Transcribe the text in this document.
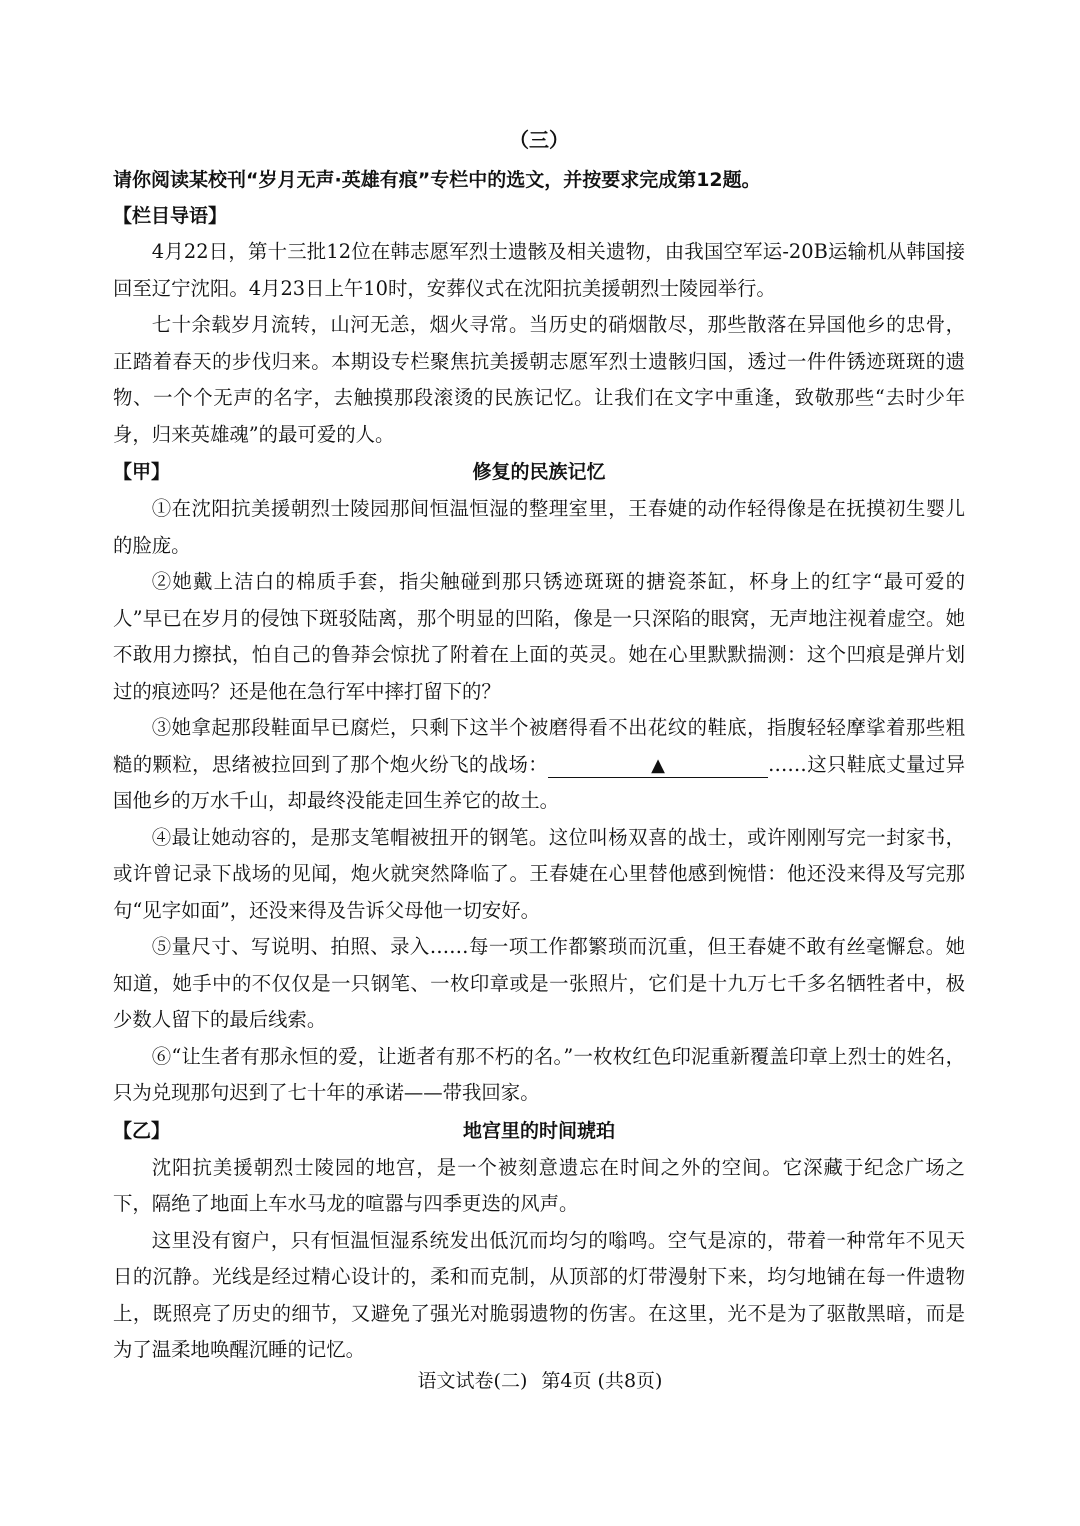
（三）
请你阅读某校刊“岁月无声·英雄有痕”专栏中的选文，并按要求完成第12题。
【栏目导语】

4月22日，第十三批12位在韩志愿军烈士遗骸及相关遗物，由我国空军运-20B运输机从韩国接回至辽宁沈阳。4月23日上午10时，安葬仪式在沈阳抗美援朝烈士陵园举行。

七十余载岁月流转，山河无恙，烟火寻常。当历史的硝烟散尽，那些散落在异国他乡的忠骨，正踏着春天的步伐归来。本期设专栏聚焦抗美援朝志愿军烈士遗骸归国，透过一件件锈迹斑斑的遗物、一个个无声的名字，去触摸那段滚烫的民族记忆。让我们在文字中重逢，致敬那些“去时少年身，归来英雄魂”的最可爱的人。

【甲】	修复的民族记忆

①在沈阳抗美援朝烈士陵园那间恒温恒湿的整理室里，王春婕的动作轻得像是在抚摸初生婴儿的脸庞。

②她戴上洁白的棉质手套，指尖触碰到那只锈迹斑斑的搪瓷茶缸，杯身上的红字“最可爱的人”早已在岁月的侵蚀下斑驳陆离，那个明显的凹陷，像是一只深陷的眼窝，无声地注视着虚空。她不敢用力擦拭，怕自己的鲁莽会惊扰了附着在上面的英灵。她在心里默默揣测：这个凹痕是弹片划过的痕迹吗？还是他在急行军中摔打留下的？

③她拿起那段鞋面早已腐烂，只剩下这半个被磨得看不出花纹的鞋底，指腹轻轻摩挲着那些粗糙的颗粒，思绪被拉回到了那个炮火纷飞的战场：	▲	……这只鞋底丈量过异国他乡的万水千山，却最终没能走回生养它的故土。

④最让她动容的，是那支笔帽被扭开的钢笔。这位叫杨双喜的战士，或许刚刚写完一封家书，或许曾记录下战场的见闻，炮火就突然降临了。王春婕在心里替他感到惋惜：他还没来得及写完那句“见字如面”，还没来得及告诉父母他一切安好。

⑤量尺寸、写说明、拍照、录入……每一项工作都繁琐而沉重，但王春婕不敢有丝毫懈怠。她知道，她手中的不仅仅是一只钢笔、一枚印章或是一张照片，它们是十九万七千多名牺牲者中，极少数人留下的最后线索。

⑥“让生者有那永恒的爱，让逝者有那不朽的名。”一枚枚红色印泥重新覆盖印章上烈士的姓名，只为兑现那句迟到了七十年的承诺——带我回家。

【乙】	地宫里的时间琥珀

沈阳抗美援朝烈士陵园的地宫，是一个被刻意遗忘在时间之外的空间。它深藏于纪念广场之下，隔绝了地面上车水马龙的喧嚣与四季更迭的风声。

这里没有窗户，只有恒温恒湿系统发出低沉而均匀的嗡鸣。空气是凉的，带着一种常年不见天日的沉静。光线是经过精心设计的，柔和而克制，从顶部的灯带漫射下来，均匀地铺在每一件遗物上，既照亮了历史的细节，又避免了强光对脆弱遗物的伤害。在这里，光不是为了驱散黑暗，而是为了温柔地唤醒沉睡的记忆。

语文试卷(二) 第4页 (共8页)
